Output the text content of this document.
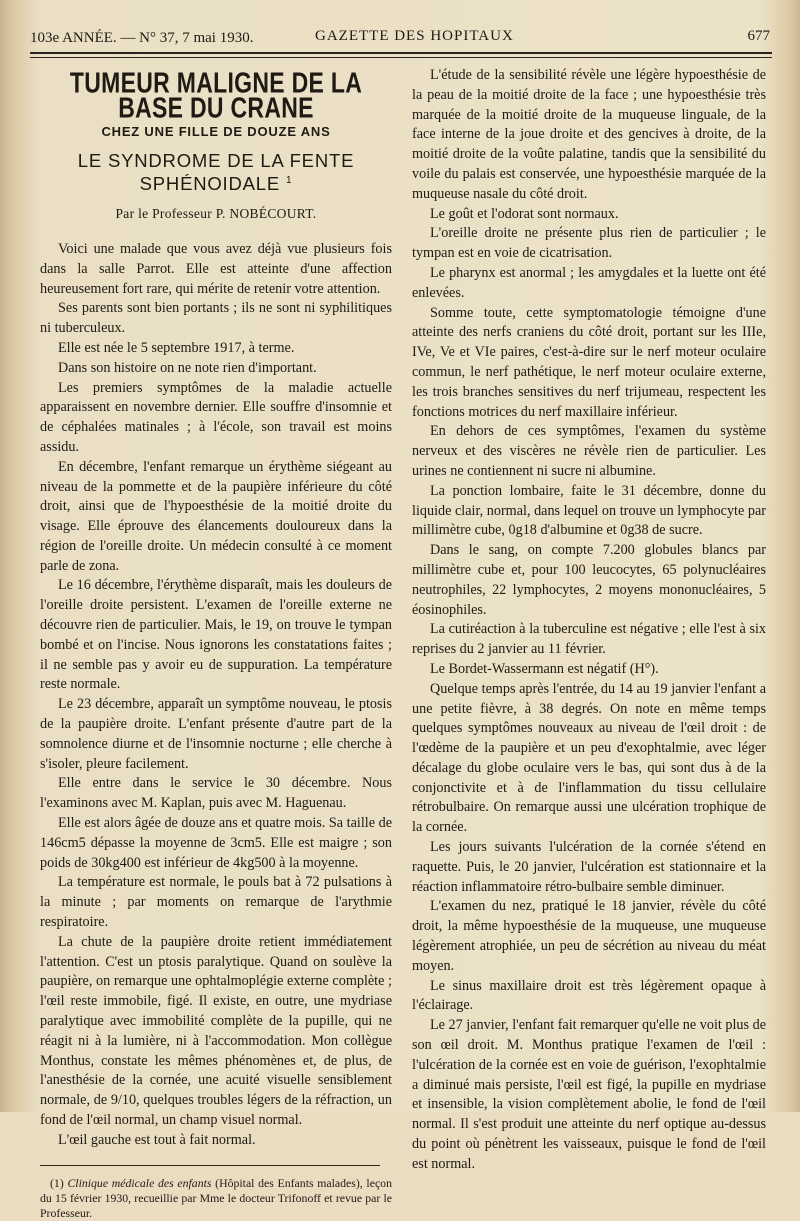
103e ANNÉE. — N° 37, 7 mai 1930.	GAZETTE DES HOPITAUX	677
TUMEUR MALIGNE DE LA BASE DU CRANE
CHEZ UNE FILLE DE DOUZE ANS
LE SYNDROME DE LA FENTE SPHÉNOIDALE $^1$
Par le Professeur P. NOBÉCOURT.

Voici une malade que vous avez déjà vue plusieurs fois dans la salle Parrot. Elle est atteinte d'une affection heureusement fort rare, qui mérite de retenir votre attention.

Ses parents sont bien portants ; ils ne sont ni syphilitiques ni tuberculeux.

Elle est née le 5 septembre 1917, à terme.

Dans son histoire on ne note rien d'important.

Les premiers symptômes de la maladie actuelle apparaissent en novembre dernier. Elle souffre d'insomnie et de céphalées matinales ; à l'école, son travail est moins assidu.

En décembre, l'enfant remarque un érythème siégeant au niveau de la pommette et de la paupière inférieure du côté droit, ainsi que de l'hypoesthésie de la moitié droite du visage. Elle éprouve des élancements douloureux dans la région de l'oreille droite. Un médecin consulté à ce moment parle de zona.

Le 16 décembre, l'érythème disparaît, mais les douleurs de l'oreille droite persistent. L'examen de l'oreille externe ne découvre rien de particulier. Mais, le 19, on trouve le tympan bombé et on l'incise. Nous ignorons les constatations faites ; il ne semble pas y avoir eu de suppuration. La température reste normale.

Le 23 décembre, apparaît un symptôme nouveau, le ptosis de la paupière droite. L'enfant présente d'autre part de la somnolence diurne et de l'insomnie nocturne ; elle cherche à s'isoler, pleure facilement.

Elle entre dans le service le 30 décembre. Nous l'examinons avec M. Kaplan, puis avec M. Haguenau.

Elle est alors âgée de douze ans et quatre mois. Sa taille de 146cm5 dépasse la moyenne de 3cm5. Elle est maigre ; son poids de 30kg400 est inférieur de 4kg500 à la moyenne.

La température est normale, le pouls bat à 72 pulsations à la minute ; par moments on remarque de l'arythmie respiratoire.

La chute de la paupière droite retient immédiatement l'attention. C'est un ptosis paralytique. Quand on soulève la paupière, on remarque une ophtalmoplégie externe complète ; l'œil reste immobile, figé. Il existe, en outre, une mydriase paralytique avec immobilité complète de la pupille, qui ne réagit ni à la lumière, ni à l'accommodation. Mon collègue Monthus, constate les mêmes phénomènes et, de plus, de l'anesthésie de la cornée, une acuité visuelle sensiblement normale, de 9/10, quelques troubles légers de la réfraction, un fond de l'œil normal, un champ visuel normal.

L'œil gauche est tout à fait normal.

(1) Clinique médicale des enfants (Hôpital des Enfants malades), leçon du 15 février 1930, recueillie par Mme le docteur Trifonoff et revue par le Professeur.

L'étude de la sensibilité révèle une légère hypoesthésie de la peau de la moitié droite de la face ; une hypoesthésie très marquée de la moitié droite de la muqueuse linguale, de la face interne de la joue droite et des gencives à droite, de la moitié droite de la voûte palatine, tandis que la sensibilité du voile du palais est conservée, une hypoesthésie marquée de la muqueuse nasale du côté droit.

Le goût et l'odorat sont normaux.

L'oreille droite ne présente plus rien de particulier ; le tympan est en voie de cicatrisation.

Le pharynx est anormal ; les amygdales et la luette ont été enlevées.

Somme toute, cette symptomatologie témoigne d'une atteinte des nerfs craniens du côté droit, portant sur les IIIe, IVe, Ve et VIe paires, c'est-à-dire sur le nerf moteur oculaire commun, le nerf pathétique, le nerf moteur oculaire externe, les trois branches sensitives du nerf trijumeau, respectent les fonctions motrices du nerf maxillaire inférieur.

En dehors de ces symptômes, l'examen du système nerveux et des viscères ne révèle rien de particulier. Les urines ne contiennent ni sucre ni albumine.

La ponction lombaire, faite le 31 décembre, donne du liquide clair, normal, dans lequel on trouve un lymphocyte par millimètre cube, 0g18 d'albumine et 0g38 de sucre.

Dans le sang, on compte 7.200 globules blancs par millimètre cube et, pour 100 leucocytes, 65 polynucléaires neutrophiles, 22 lymphocytes, 2 moyens mononucléaires, 5 éosinophiles.

La cutiréaction à la tuberculine est négative ; elle l'est à six reprises du 2 janvier au 11 février.

Le Bordet-Wassermann est négatif (H°).

Quelque temps après l'entrée, du 14 au 19 janvier l'enfant a une petite fièvre, à 38 degrés. On note en même temps quelques symptômes nouveaux au niveau de l'œil droit : de l'œdème de la paupière et un peu d'exophtalmie, avec léger décalage du globe oculaire vers le bas, qui sont dus à de la conjonctivite et à de l'inflammation du tissu cellulaire rétrobulbaire. On remarque aussi une ulcération trophique de la cornée.

Les jours suivants l'ulcération de la cornée s'étend en raquette. Puis, le 20 janvier, l'ulcération est stationnaire et la réaction inflammatoire rétro-bulbaire semble diminuer.

L'examen du nez, pratiqué le 18 janvier, révèle du côté droit, la même hypoesthésie de la muqueuse, une muqueuse légèrement atrophiée, un peu de sécrétion au niveau du méat moyen.

Le sinus maxillaire droit est très légèrement opaque à l'éclairage.

Le 27 janvier, l'enfant fait remarquer qu'elle ne voit plus de son œil droit. M. Monthus pratique l'examen de l'œil : l'ulcération de la cornée est en voie de guérison, l'exophtalmie a diminué mais persiste, l'œil est figé, la pupille en mydriase et insensible, la vision complètement abolie, le fond de l'œil normal. Il s'est produit une atteinte du nerf optique au-dessus du point où pénètrent les vaisseaux, puisque le fond de l'œil est normal.
